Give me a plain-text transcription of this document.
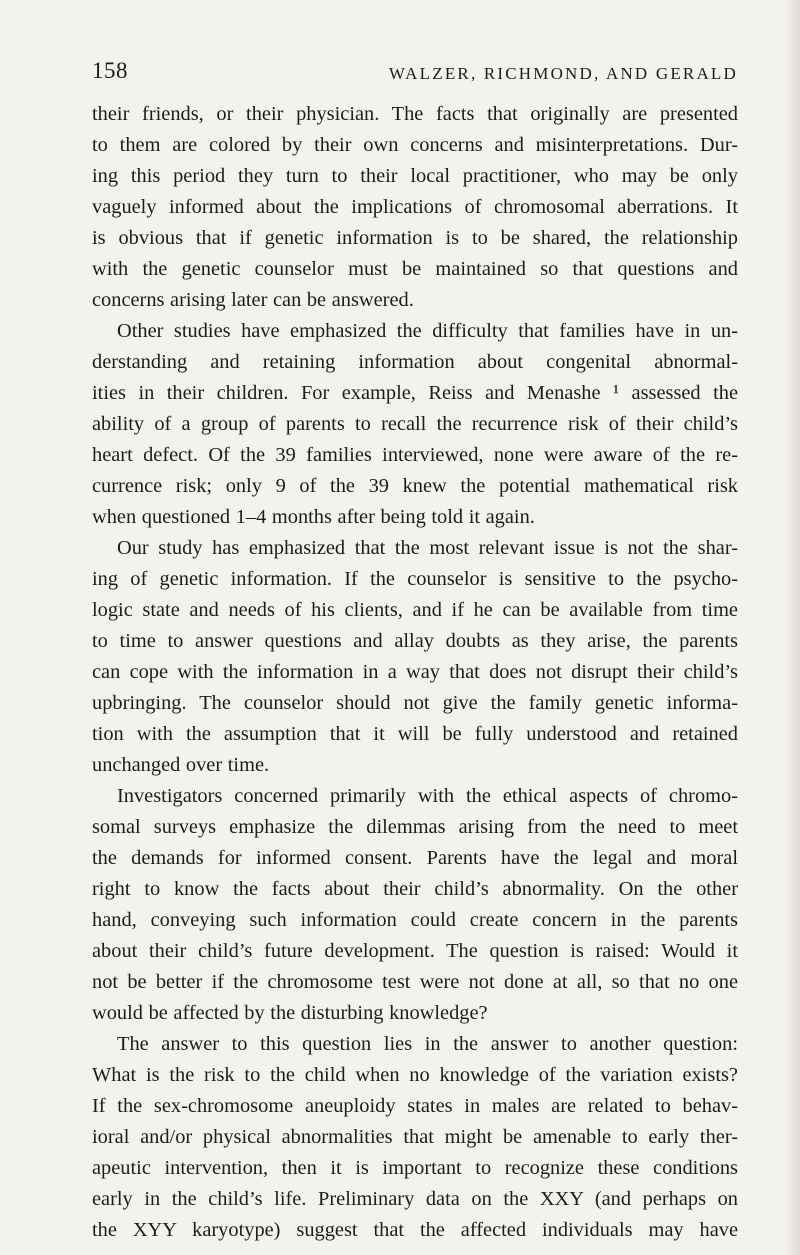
158	WALZER, RICHMOND, AND GERALD
their friends, or their physician. The facts that originally are presented
to them are colored by their own concerns and misinterpretations. Dur-
ing this period they turn to their local practitioner, who may be only
vaguely informed about the implications of chromosomal aberrations. It
is obvious that if genetic information is to be shared, the relationship
with the genetic counselor must be maintained so that questions and
concerns arising later can be answered.
Other studies have emphasized the difficulty that families have in un-
derstanding and retaining information about congenital abnormal-
ities in their children. For example, Reiss and Menashe ¹ assessed the
ability of a group of parents to recall the recurrence risk of their child’s
heart defect. Of the 39 families interviewed, none were aware of the re-
currence risk; only 9 of the 39 knew the potential mathematical risk
when questioned 1–4 months after being told it again.
Our study has emphasized that the most relevant issue is not the shar-
ing of genetic information. If the counselor is sensitive to the psycho-
logic state and needs of his clients, and if he can be available from time
to time to answer questions and allay doubts as they arise, the parents
can cope with the information in a way that does not disrupt their child’s
upbringing. The counselor should not give the family genetic informa-
tion with the assumption that it will be fully understood and retained
unchanged over time.
Investigators concerned primarily with the ethical aspects of chromo-
somal surveys emphasize the dilemmas arising from the need to meet
the demands for informed consent. Parents have the legal and moral
right to know the facts about their child’s abnormality. On the other
hand, conveying such information could create concern in the parents
about their child’s future development. The question is raised: Would it
not be better if the chromosome test were not done at all, so that no one
would be affected by the disturbing knowledge?
The answer to this question lies in the answer to another question:
What is the risk to the child when no knowledge of the variation exists?
If the sex-chromosome aneuploidy states in males are related to behav-
ioral and/or physical abnormalities that might be amenable to early ther-
apeutic intervention, then it is important to recognize these conditions
early in the child’s life. Preliminary data on the XXY (and perhaps on
the XYY karyotype) suggest that the affected individuals may have
